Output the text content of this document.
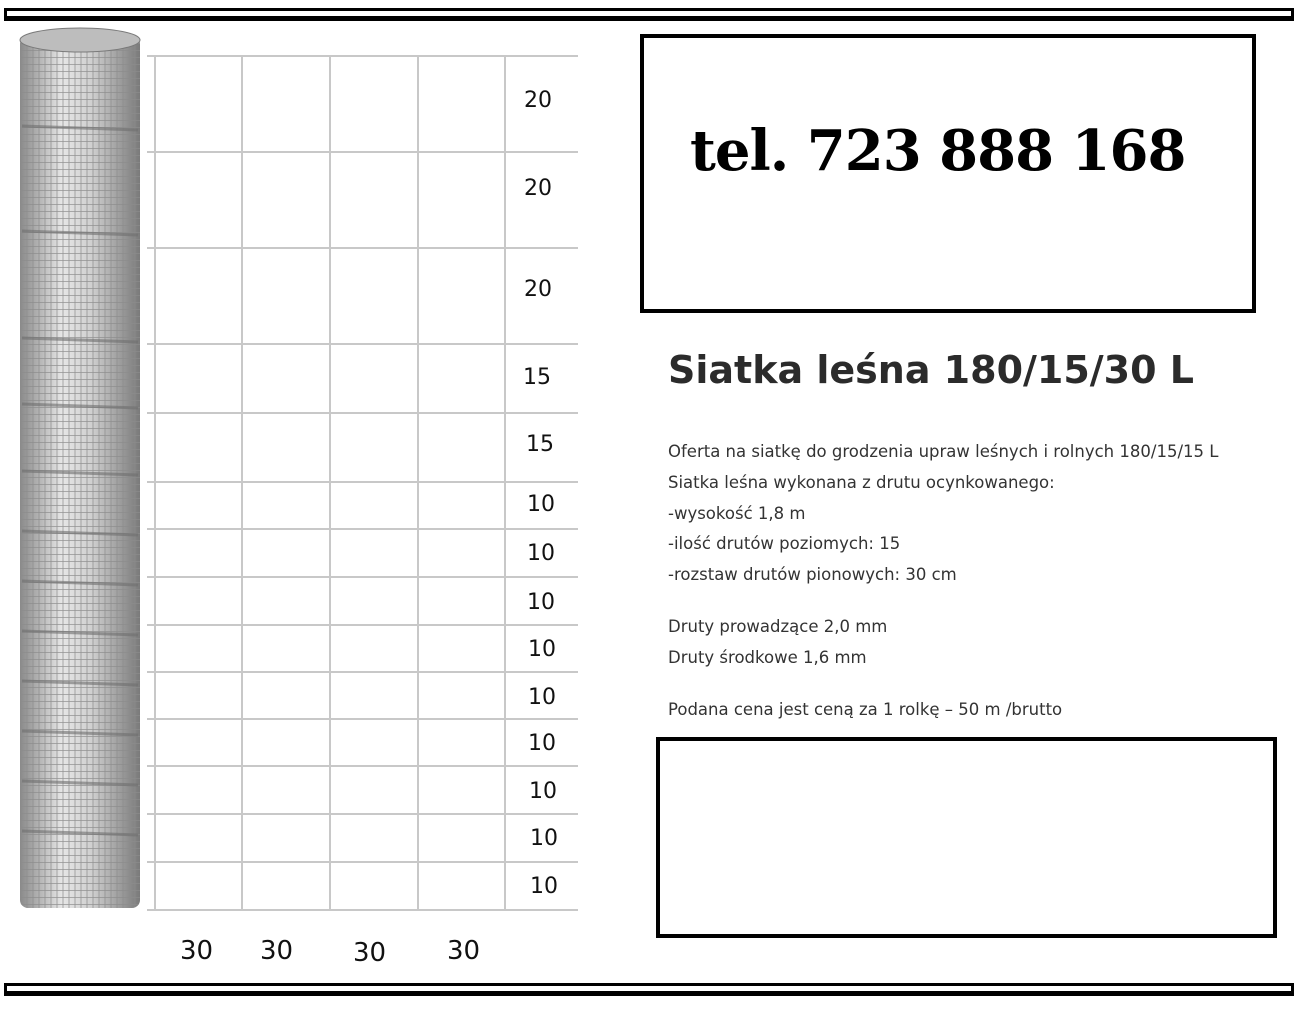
20
20
20
15
15
10
10
10
10
10
10
10
10
10
30 30 30 30
tel. 723 888 168
Siatka leśna 180/15/30 L
Oferta na siatkę do grodzenia upraw leśnych i rolnych 180/15/15 L
Siatka leśna wykonana z drutu ocynkowanego:
-wysokość 1,8 m
-ilość drutów poziomych: 15
-rozstaw drutów pionowych: 30 cm
Druty prowadzące 2,0 mm
Druty środkowe 1,6 mm
Podana cena jest ceną za 1 rolkę – 50 m /brutto
